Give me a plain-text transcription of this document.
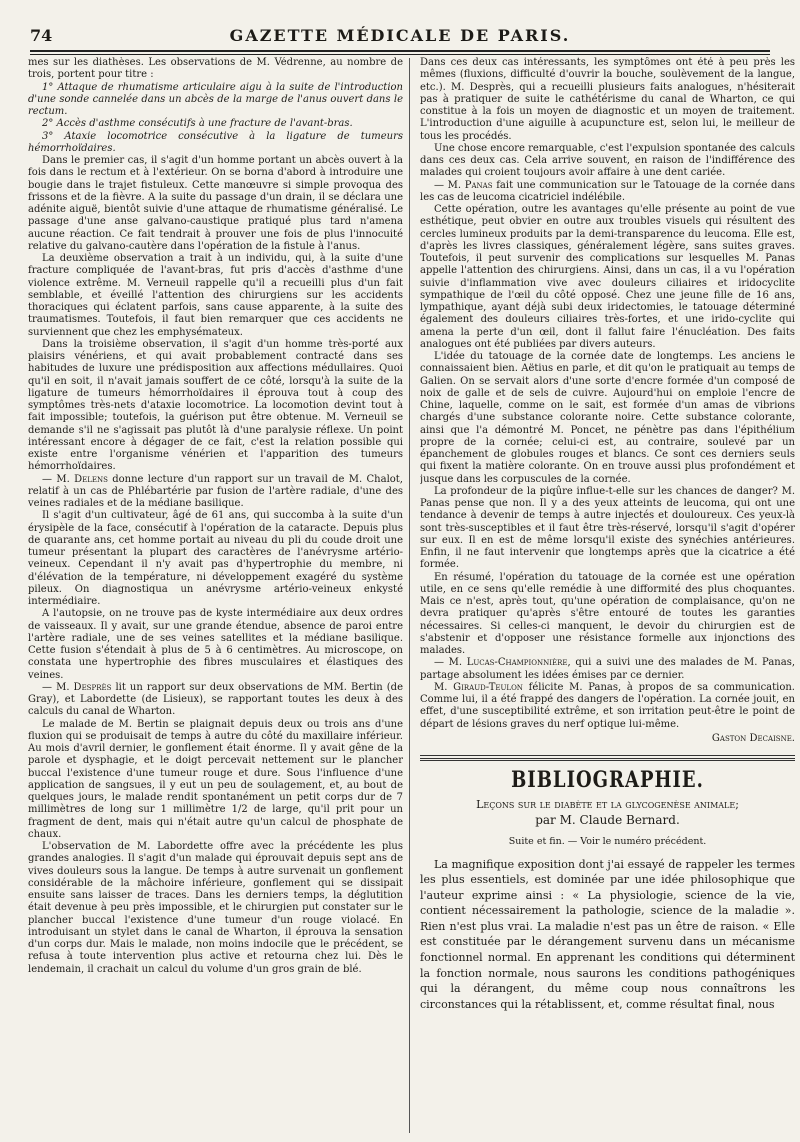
74	GAZETTE MÉDICALE DE PARIS.

mes sur les diathèses. Les observations de M. Védrenne, au nombre de trois, portent pour titre :

1° Attaque de rhumatisme articulaire aigu à la suite de l'introduction d'une sonde cannelée dans un abcès de la marge de l'anus ouvert dans le rectum.

2° Accès d'asthme consécutifs à une fracture de l'avant-bras.

3° Ataxie locomotrice consécutive à la ligature de tumeurs hémorrhoïdaires.

Dans le premier cas, il s'agit d'un homme portant un abcès ouvert à la fois dans le rectum et à l'extérieur. On se borna d'abord à introduire une bougie dans le trajet fistuleux. Cette manœuvre si simple provoqua des frissons et de la fièvre. A la suite du passage d'un drain, il se déclara une adénite aiguë, bientôt suivie d'une attaque de rhumatisme généralisé. Le passage d'une anse galvano-caustique pratiqué plus tard n'amena aucune réaction. Ce fait tendrait à prouver une fois de plus l'innocuité relative du galvano-cautère dans l'opération de la fistule à l'anus.

La deuxième observation a trait à un individu, qui, à la suite d'une fracture compliquée de l'avant-bras, fut pris d'accès d'asthme d'une violence extrême. M. Verneuil rappelle qu'il a recueilli plus d'un fait semblable, et éveillé l'attention des chirurgiens sur les accidents thoraciques qui éclatent parfois, sans cause apparente, à la suite des traumatismes. Toutefois, il faut bien remarquer que ces accidents ne surviennent que chez les emphysémateux.

Dans la troisième observation, il s'agit d'un homme très-porté aux plaisirs vénériens, et qui avait probablement contracté dans ses habitudes de luxure une prédisposition aux affections médullaires. Quoi qu'il en soit, il n'avait jamais souffert de ce côté, lorsqu'à la suite de la ligature de tumeurs hémorrhoïdaires il éprouva tout à coup des symptômes très-nets d'ataxie locomotrice. La locomotion devint tout à fait impossible; toutefois, la guérison put être obtenue. M. Verneuil se demande s'il ne s'agissait pas plutôt là d'une paralysie réflexe. Un point intéressant encore à dégager de ce fait, c'est la relation possible qui existe entre l'organisme vénérien et l'apparition des tumeurs hémorrhoïdaires.

— M. Delens donne lecture d'un rapport sur un travail de M. Chalot, relatif à un cas de Phlébartérie par fusion de l'artère radiale, d'une des veines radiales et de la médiane basilique.

Il s'agit d'un cultivateur, âgé de 61 ans, qui succomba à la suite d'un érysipèle de la face, consécutif à l'opération de la cataracte. Depuis plus de quarante ans, cet homme portait au niveau du pli du coude droit une tumeur présentant la plupart des caractères de l'anévrysme artério-veineux. Cependant il n'y avait pas d'hypertrophie du membre, ni d'élévation de la température, ni développement exagéré du système pileux. On diagnostiqua un anévrysme artério-veineux enkysté intermédiaire.

A l'autopsie, on ne trouve pas de kyste intermédiaire aux deux ordres de vaisseaux. Il y avait, sur une grande étendue, absence de paroi entre l'artère radiale, une de ses veines satellites et la médiane basilique. Cette fusion s'étendait à plus de 5 à 6 centimètres. Au microscope, on constata une hypertrophie des fibres musculaires et élastiques des veines.

— M. Desprès lit un rapport sur deux observations de MM. Bertin (de Gray), et Labordette (de Lisieux), se rapportant toutes les deux à des calculs du canal de Wharton.

Le malade de M. Bertin se plaignait depuis deux ou trois ans d'une fluxion qui se produisait de temps à autre du côté du maxillaire inférieur. Au mois d'avril dernier, le gonflement était énorme. Il y avait gêne de la parole et dysphagie, et le doigt percevait nettement sur le plancher buccal l'existence d'une tumeur rouge et dure. Sous l'influence d'une application de sangsues, il y eut un peu de soulagement, et, au bout de quelques jours, le malade rendit spontanément un petit corps dur de 7 millimètres de long sur 1 millimètre 1/2 de large, qu'il prit pour un fragment de dent, mais qui n'était autre qu'un calcul de phosphate de chaux.

L'observation de M. Labordette offre avec la précédente les plus grandes analogies. Il s'agit d'un malade qui éprouvait depuis sept ans de vives douleurs sous la langue. De temps à autre survenait un gonflement considérable de la mâchoire inférieure, gonflement qui se dissipait ensuite sans laisser de traces. Dans les derniers temps, la déglutition était devenue à peu près impossible, et le chirurgien put constater sur le plancher buccal l'existence d'une tumeur d'un rouge violacé. En introduisant un stylet dans le canal de Wharton, il éprouva la sensation d'un corps dur. Mais le malade, non moins indocile que le précédent, se refusa à toute intervention plus active et retourna chez lui. Dès le lendemain, il crachait un calcul du volume d'un gros grain de blé.

Dans ces deux cas intéressants, les symptômes ont été à peu près les mêmes (fluxions, difficulté d'ouvrir la bouche, soulèvement de la langue, etc.). M. Desprès, qui a recueilli plusieurs faits analogues, n'hésiterait pas à pratiquer de suite le cathétérisme du canal de Wharton, ce qui constitue à la fois un moyen de diagnostic et un moyen de traitement. L'introduction d'une aiguille à acupuncture est, selon lui, le meilleur de tous les procédés.

Une chose encore remarquable, c'est l'expulsion spontanée des calculs dans ces deux cas. Cela arrive souvent, en raison de l'indifférence des malades qui croient toujours avoir affaire à une dent cariée.

— M. Panas fait une communication sur le Tatouage de la cornée dans les cas de leucoma cicatriciel indélébile.

Cette opération, outre les avantages qu'elle présente au point de vue esthétique, peut obvier en outre aux troubles visuels qui résultent des cercles lumineux produits par la demi-transparence du leucoma. Elle est, d'après les livres classiques, généralement légère, sans suites graves. Toutefois, il peut survenir des complications sur lesquelles M. Panas appelle l'attention des chirurgiens. Ainsi, dans un cas, il a vu l'opération suivie d'inflammation vive avec douleurs ciliaires et iridocyclite sympathique de l'œil du côté opposé. Chez une jeune fille de 16 ans, lympathique, ayant déjà subi deux iridectomies, le tatouage déterminé également des douleurs ciliaires très-fortes, et une irido-cyclite qui amena la perte d'un œil, dont il fallut faire l'énucléation. Des faits analogues ont été publiées par divers auteurs.

L'idée du tatouage de la cornée date de longtemps. Les anciens le connaissaient bien. Aëtius en parle, et dit qu'on le pratiquait au temps de Galien. On se servait alors d'une sorte d'encre formée d'un composé de noix de galle et de sels de cuivre. Aujourd'hui on emploie l'encre de Chine, laquelle, comme on le sait, est formée d'un amas de vibrions chargés d'une substance colorante noire. Cette substance colorante, ainsi que l'a démontré M. Poncet, ne pénètre pas dans l'épithélium propre de la cornée; celui-ci est, au contraire, soulevé par un épanchement de globules rouges et blancs. Ce sont ces derniers seuls qui fixent la matière colorante. On en trouve aussi plus profondément et jusque dans les corpuscules de la cornée.

La profondeur de la piqûre influe-t-elle sur les chances de danger? M. Panas pense que non. Il y a des yeux atteints de leucoma, qui ont une tendance à devenir de temps à autre injectés et douloureux. Ces yeux-là sont très-susceptibles et il faut être très-réservé, lorsqu'il s'agit d'opérer sur eux. Il en est de même lorsqu'il existe des synéchies antérieures. Enfin, il ne faut intervenir que longtemps après que la cicatrice a été formée.

En résumé, l'opération du tatouage de la cornée est une opération utile, en ce sens qu'elle remédie à une difformité des plus choquantes. Mais ce n'est, après tout, qu'une opération de complaisance, qu'on ne devra pratiquer qu'après s'être entouré de toutes les garanties nécessaires. Si celles-ci manquent, le devoir du chirurgien est de s'abstenir et d'opposer une résistance formelle aux injonctions des malades.

— M. Lucas-Championnière, qui a suivi une des malades de M. Panas, partage absolument les idées émises par ce dernier.

M. Giraud-Teulon félicite M. Panas, à propos de sa communication. Comme lui, il a été frappé des dangers de l'opération. La cornée jouit, en effet, d'une susceptibilité extrême, et son irritation peut-être le point de départ de lésions graves du nerf optique lui-même.

Gaston Decaisne.
BIBLIOGRAPHIE.
Leçons sur le diabète et la glycogenèse animale;
par M. Claude Bernard.
Suite et fin. — Voir le numéro précédent.

La magnifique exposition dont j'ai essayé de rappeler les termes les plus essentiels, est dominée par une idée philosophique que l'auteur exprime ainsi : « La physiologie, science de la vie, contient nécessairement la pathologie, science de la maladie ». Rien n'est plus vrai. La maladie n'est pas un être de raison. « Elle est constituée par le dérangement survenu dans un mécanisme fonctionnel normal. En apprenant les conditions qui déterminent la fonction normale, nous saurons les conditions pathogéniques qui la dérangent, du même coup nous connaîtrons les circonstances qui la rétablissent, et, comme résultat final, nous
